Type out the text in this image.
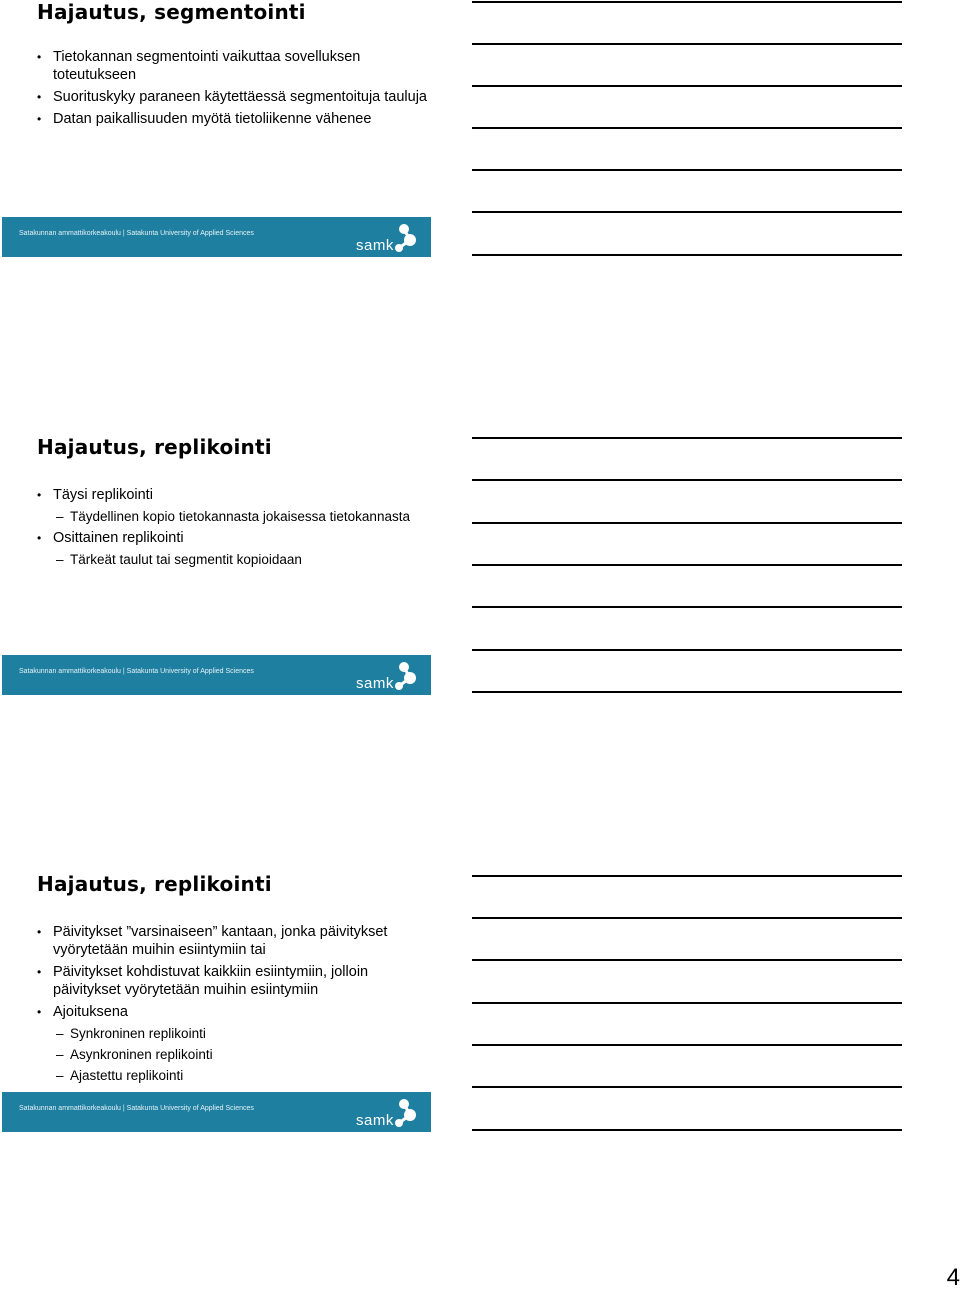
Hajautus, segmentointi
• Tietokannan segmentointi vaikuttaa sovelluksen toteutukseen
• Suorituskyky paraneen käytettäessä segmentoituja tauluja
• Datan paikallisuuden myötä tietoliikenne vähenee
Satakunnan ammattikorkeakoulu | Satakunta University of Applied Sciences
samk
Hajautus, replikointi
• Täysi replikointi
– Täydellinen kopio tietokannasta jokaisessa tietokannasta
• Osittainen replikointi
– Tärkeät taulut tai segmentit kopioidaan
Satakunnan ammattikorkeakoulu | Satakunta University of Applied Sciences
samk
Hajautus, replikointi
• Päivitykset ”varsinaiseen” kantaan, jonka päivitykset vyörytetään muihin esiintymiin tai
• Päivitykset kohdistuvat kaikkiin esiintymiin, jolloin päivitykset vyörytetään muihin esiintymiin
• Ajoituksena
– Synkroninen replikointi
– Asynkroninen replikointi
– Ajastettu replikointi
Satakunnan ammattikorkeakoulu | Satakunta University of Applied Sciences
samk
4
